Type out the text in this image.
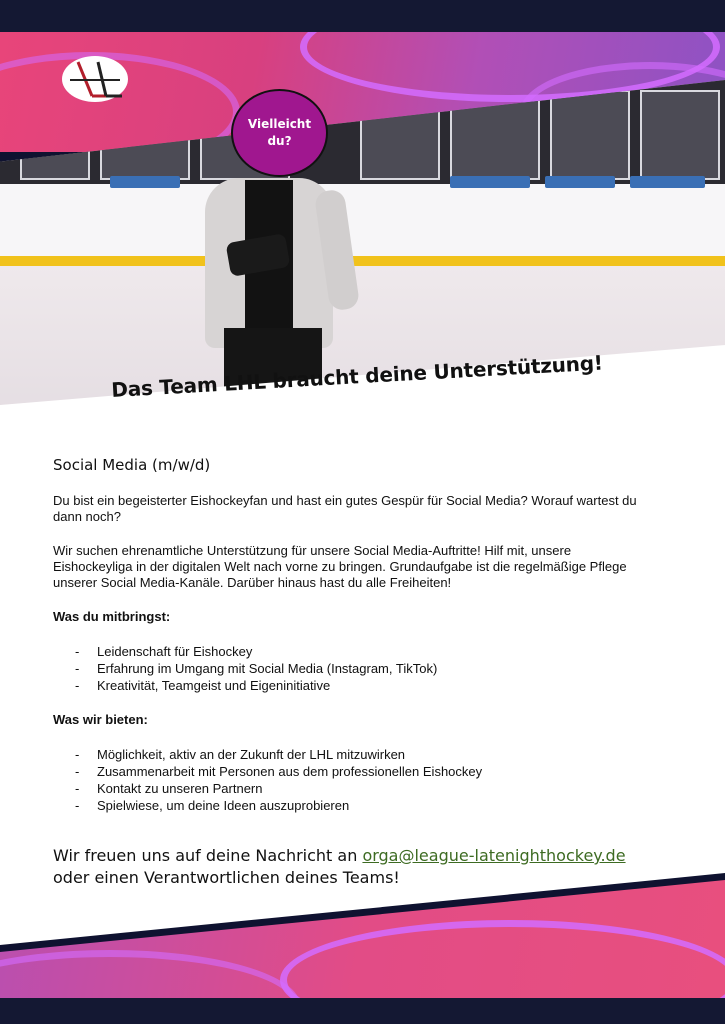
Vielleicht
du?
Das Team LHL braucht deine Unterstützung!
Social Media (m/w/d)

Du bist ein begeisterter Eishockeyfan und hast ein gutes Gespür für Social Media? Worauf wartest du dann noch?

Wir suchen ehrenamtliche Unterstützung für unsere Social Media-Auftritte! Hilf mit, unsere Eishockeyliga in der digitalen Welt nach vorne zu bringen. Grundaufgabe ist die regelmäßige Pflege unserer Social Media-Kanäle. Darüber hinaus hast du alle Freiheiten!

Was du mitbringst:
- Leidenschaft für Eishockey
- Erfahrung im Umgang mit Social Media (Instagram, TikTok)
- Kreativität, Teamgeist und Eigeninitiative
Was wir bieten:
- Möglichkeit, aktiv an der Zukunft der LHL mitzuwirken
- Zusammenarbeit mit Personen aus dem professionellen Eishockey
- Kontakt zu unseren Partnern
- Spielwiese, um deine Ideen auszuprobieren
Wir freuen uns auf deine Nachricht an orga@league-latenighthockey.de
oder einen Verantwortlichen deines Teams!
